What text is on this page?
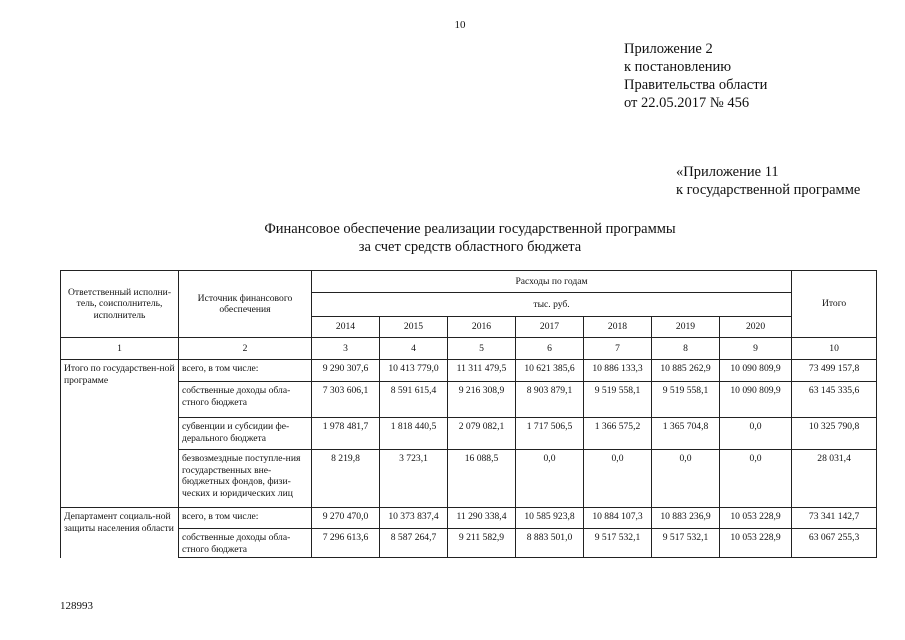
10
Приложение 2
к постановлению
Правительства области
от 22.05.2017 № 456
«Приложение 11
к государственной программе
Финансовое обеспечение реализации государственной программы
за счет средств областного бюджета
Ответственный исполни-тель, соисполнитель, исполнитель	Источник финансового обеспечения	Расходы по годам							Итого
		тыс. руб.							
		2014	2015	2016	2017	2018	2019	2020	
1	2	3	4	5	6	7	8	9	10
Итого по государствен-ной программе	всего, в том числе:	9 290 307,6	10 413 779,0	11 311 479,5	10 621 385,6	10 886 133,3	10 885 262,9	10 090 809,9	73 499 157,8
	собственные доходы обла-стного бюджета	7 303 606,1	8 591 615,4	9 216 308,9	8 903 879,1	9 519 558,1	9 519 558,1	10 090 809,9	63 145 335,6
	субвенции и субсидии фе-дерального бюджета	1 978 481,7	1 818 440,5	2 079 082,1	1 717 506,5	1 366 575,2	1 365 704,8	0,0	10 325 790,8
	безвозмездные поступле-ния государственных вне-бюджетных фондов, физи-ческих и юридических лиц	8 219,8	3 723,1	16 088,5	0,0	0,0	0,0	0,0	28 031,4
Департамент социаль-ной защиты населения области	всего, в том числе:	9 270 470,0	10 373 837,4	11 290 338,4	10 585 923,8	10 884 107,3	10 883 236,9	10 053 228,9	73 341 142,7
	собственные доходы обла-стного бюджета	7 296 613,6	8 587 264,7	9 211 582,9	8 883 501,0	9 517 532,1	9 517 532,1	10 053 228,9	63 067 255,3
128993
